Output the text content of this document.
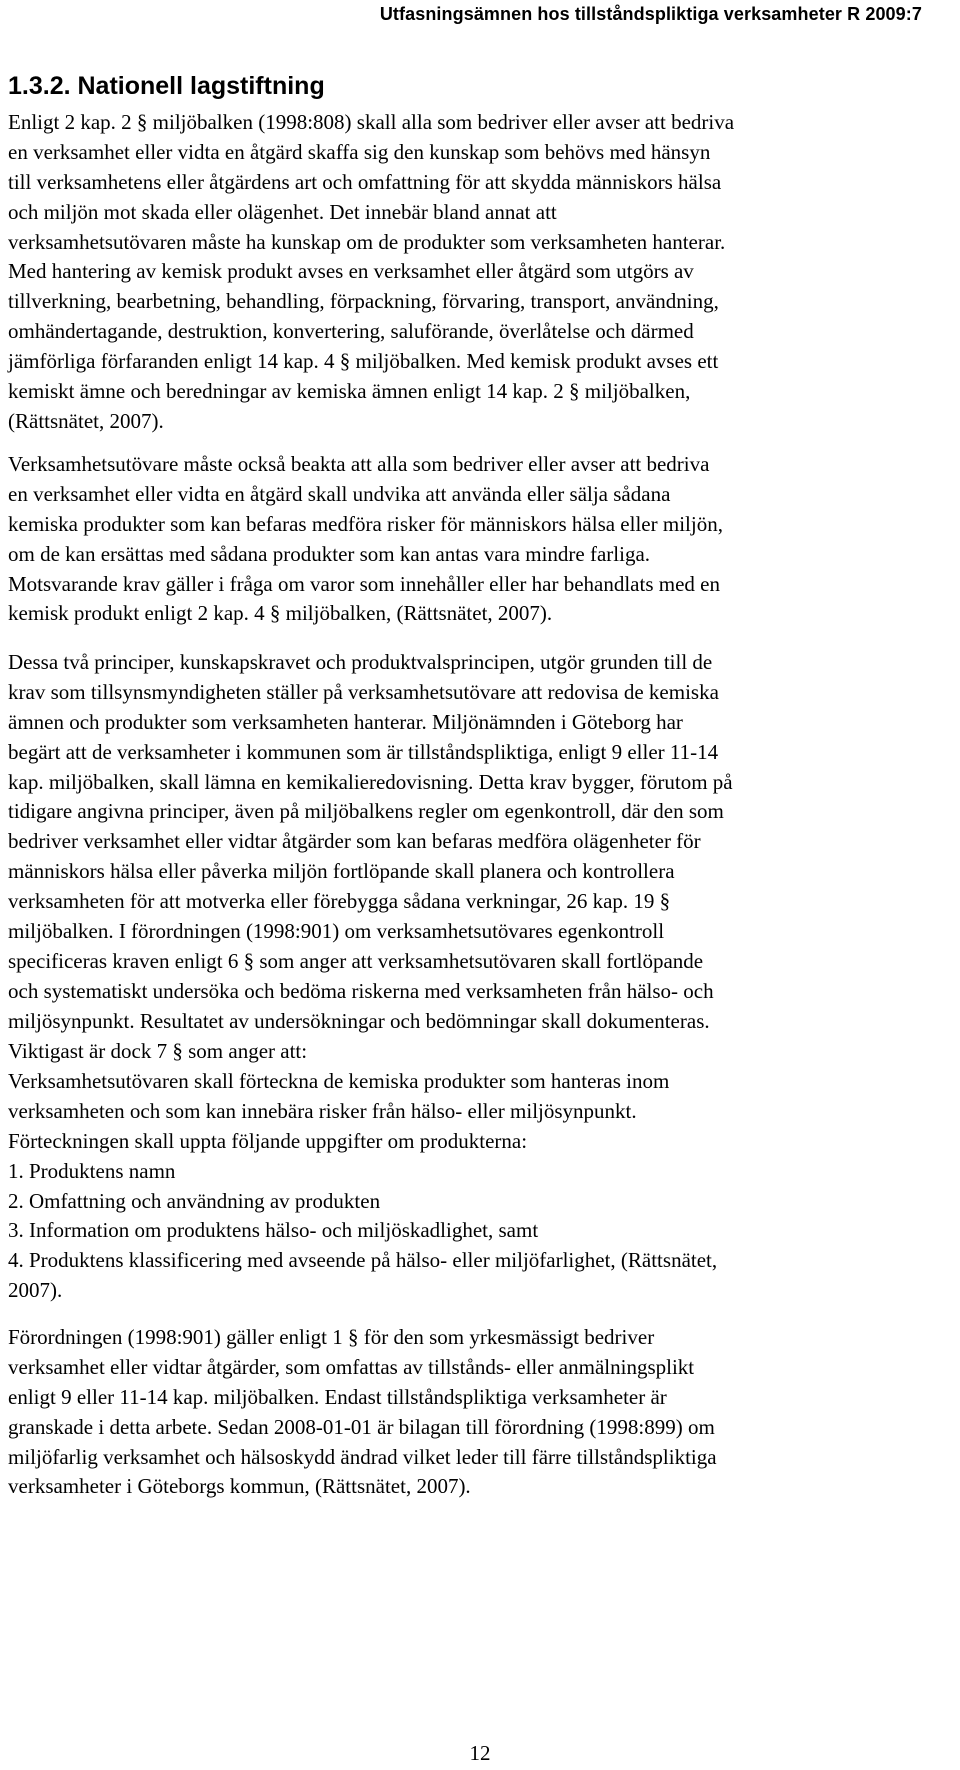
Utfasningsämnen hos tillståndspliktiga verksamheter R 2009:7
1.3.2. Nationell lagstiftning
Enligt 2 kap. 2 § miljöbalken (1998:808) skall alla som bedriver eller avser att bedriva
en verksamhet eller vidta en åtgärd skaffa sig den kunskap som behövs med hänsyn
till verksamhetens eller åtgärdens art och omfattning för att skydda människors hälsa
och miljön mot skada eller olägenhet. Det innebär bland annat att
verksamhetsutövaren måste ha kunskap om de produkter som verksamheten hanterar.
Med hantering av kemisk produkt avses en verksamhet eller åtgärd som utgörs av
tillverkning, bearbetning, behandling, förpackning, förvaring, transport, användning,
omhändertagande, destruktion, konvertering, saluförande, överlåtelse och därmed
jämförliga förfaranden enligt 14 kap. 4 § miljöbalken. Med kemisk produkt avses ett
kemiskt ämne och beredningar av kemiska ämnen enligt 14 kap. 2 § miljöbalken,
(Rättsnätet, 2007).
Verksamhetsutövare måste också beakta att alla som bedriver eller avser att bedriva
en verksamhet eller vidta en åtgärd skall undvika att använda eller sälja sådana
kemiska produkter som kan befaras medföra risker för människors hälsa eller miljön,
om de kan ersättas med sådana produkter som kan antas vara mindre farliga.
Motsvarande krav gäller i fråga om varor som innehåller eller har behandlats med en
kemisk produkt enligt 2 kap. 4 § miljöbalken, (Rättsnätet, 2007).
Dessa två principer, kunskapskravet och produktvalsprincipen, utgör grunden till de
krav som tillsynsmyndigheten ställer på verksamhetsutövare att redovisa de kemiska
ämnen och produkter som verksamheten hanterar. Miljönämnden i Göteborg har
begärt att de verksamheter i kommunen som är tillståndspliktiga, enligt 9 eller 11-14
kap. miljöbalken, skall lämna en kemikalieredovisning. Detta krav bygger, förutom på
tidigare angivna principer, även på miljöbalkens regler om egenkontroll, där den som
bedriver verksamhet eller vidtar åtgärder som kan befaras medföra olägenheter för
människors hälsa eller påverka miljön fortlöpande skall planera och kontrollera
verksamheten för att motverka eller förebygga sådana verkningar, 26 kap. 19 §
miljöbalken. I förordningen (1998:901) om verksamhetsutövares egenkontroll
specificeras kraven enligt 6 § som anger att verksamhetsutövaren skall fortlöpande
och systematiskt undersöka och bedöma riskerna med verksamheten från hälso- och
miljösynpunkt. Resultatet av undersökningar och bedömningar skall dokumenteras.
Viktigast är dock 7 § som anger att:
Verksamhetsutövaren skall förteckna de kemiska produkter som hanteras inom
verksamheten och som kan innebära risker från hälso- eller miljösynpunkt.
Förteckningen skall uppta följande uppgifter om produkterna:
1. Produktens namn
2. Omfattning och användning av produkten
3. Information om produktens hälso- och miljöskadlighet, samt
4. Produktens klassificering med avseende på hälso- eller miljöfarlighet, (Rättsnätet,
2007).
Förordningen (1998:901) gäller enligt 1 § för den som yrkesmässigt bedriver
verksamhet eller vidtar åtgärder, som omfattas av tillstånds- eller anmälningsplikt
enligt 9 eller 11-14 kap. miljöbalken. Endast tillståndspliktiga verksamheter är
granskade i detta arbete. Sedan 2008-01-01 är bilagan till förordning (1998:899) om
miljöfarlig verksamhet och hälsoskydd ändrad vilket leder till färre tillståndspliktiga
verksamheter i Göteborgs kommun, (Rättsnätet, 2007).
12
